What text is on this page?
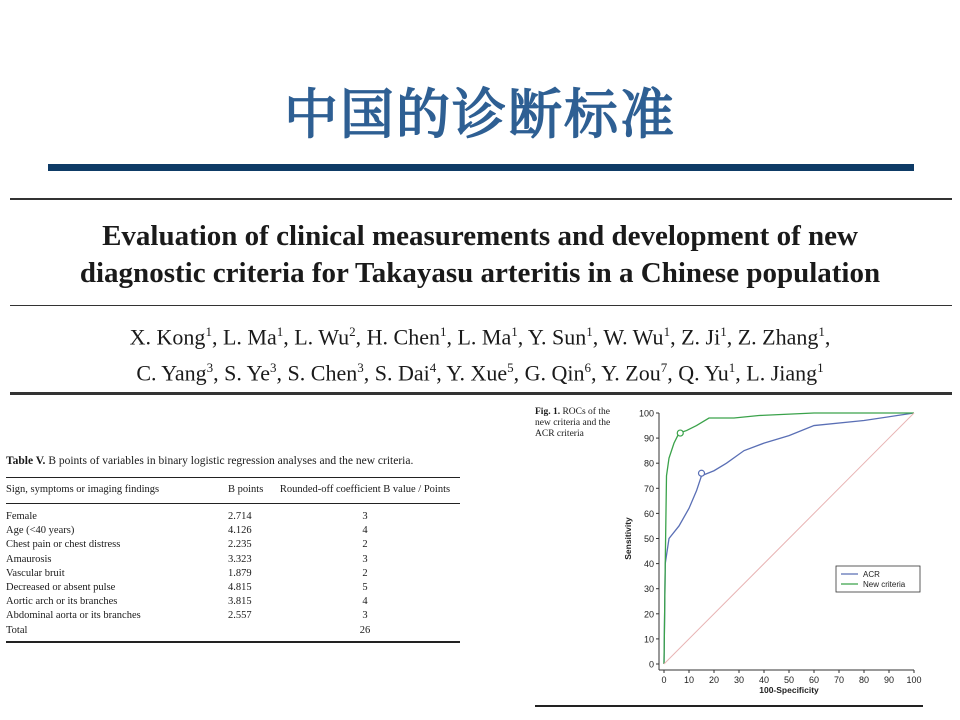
中国的诊断标准
Evaluation of clinical measurements and development of new
diagnostic criteria for Takayasu arteritis in a Chinese population
X. Kong$^1$, L. Ma$^1$, L. Wu$^2$, H. Chen$^1$, L. Ma$^1$, Y. Sun$^1$, W. Wu$^1$, Z. Ji$^1$, Z. Zhang$^1$,
C. Yang$^3$, S. Ye$^3$, S. Chen$^3$, S. Dai$^4$, Y. Xue$^5$, G. Qin$^6$, Y. Zou$^7$, Q. Yu$^1$, L. Jiang$^1$
Table V. B points of variables in binary logistic regression analyses and the new criteria.
Sign, symptoms or imaging findings	B points	Rounded-off coefficient B value / Points
Female	2.714	3
Age (<40 years)	4.126	4
Chest pain or chest distress	2.235	2
Amaurosis	3.323	3
Vascular bruit	1.879	2
Decreased or absent pulse	4.815	5
Aortic arch or its branches	3.815	4
Abdominal aorta or its branches	2.557	3
Total		26
Fig. 1. ROCs of the new criteria and the ACR criteria
0
10
20
30
40
50
60
70
80
90
100
0 10 20 30 40 50 60 70 80 90 100
100-Specificity
Sensitivity
ACR
New criteria
